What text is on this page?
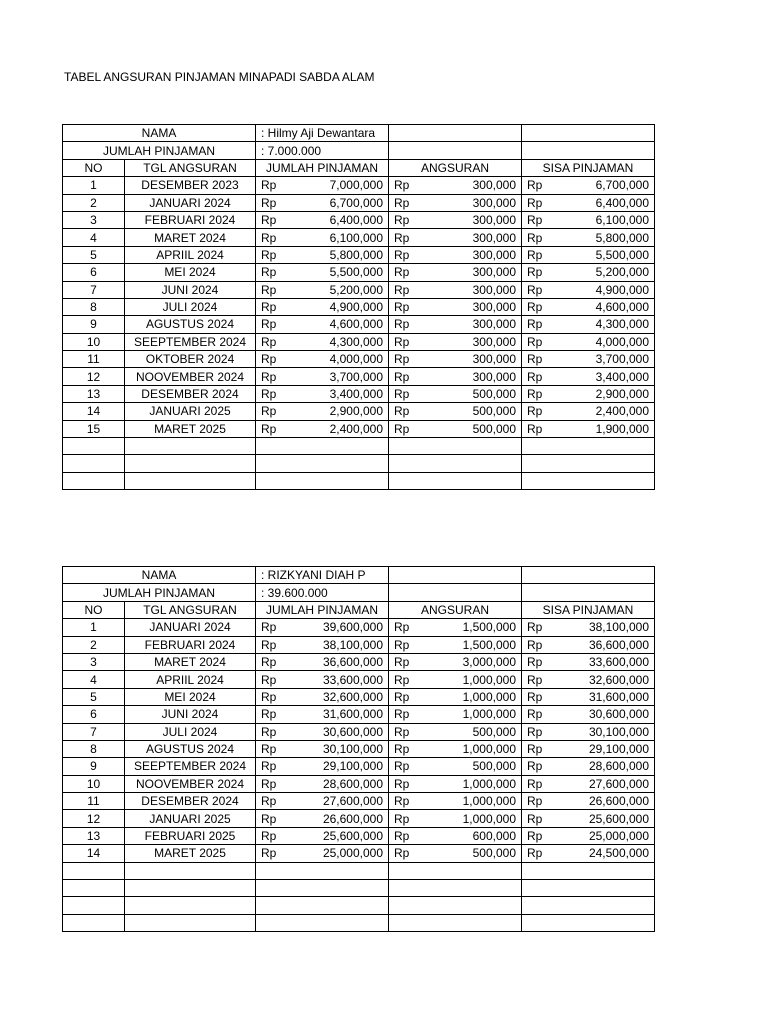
TABEL ANGSURAN PINJAMAN MINAPADI SABDA ALAM
NAMA		: Hilmy Aji Dewantara		
JUMLAH PINJAMAN		: 7.000.000		
NO	TGL ANGSURAN	JUMLAH PINJAMAN	ANGSURAN	SISA PINJAMAN
1	DESEMBER 2023	Rp 7,000,000	Rp 300,000	Rp 6,700,000

2	JANUARI 2024	Rp 6,700,000	Rp 300,000	Rp 6,400,000

3	FEBRUARI 2024	Rp 6,400,000	Rp 300,000	Rp 6,100,000

4	MARET 2024	Rp 6,100,000	Rp 300,000	Rp 5,800,000

5	APRIIL 2024	Rp 5,800,000	Rp 300,000	Rp 5,500,000

6	MEI 2024	Rp 5,500,000	Rp 300,000	Rp 5,200,000

7	JUNI 2024	Rp 5,200,000	Rp 300,000	Rp 4,900,000

8	JULI 2024	Rp 4,900,000	Rp 300,000	Rp 4,600,000

9	AGUSTUS 2024	Rp 4,600,000	Rp 300,000	Rp 4,300,000

10	SEEPTEMBER 2024	Rp 4,300,000	Rp 300,000	Rp 4,000,000

11	OKTOBER 2024	Rp 4,000,000	Rp 300,000	Rp 3,700,000

12	NOOVEMBER 2024	Rp 3,700,000	Rp 300,000	Rp 3,400,000

13	DESEMBER 2024	Rp 3,400,000	Rp 500,000	Rp 2,900,000

14	JANUARI 2025	Rp 2,900,000	Rp 500,000	Rp 2,400,000

15	MARET 2025	Rp 2,400,000	Rp 500,000	Rp 1,900,000

NAMA		: RIZKYANI DIAH P		
JUMLAH PINJAMAN		: 39.600.000		
NO	TGL ANGSURAN	JUMLAH PINJAMAN	ANGSURAN	SISA PINJAMAN
1	JANUARI 2024	Rp 39,600,000	Rp 1,500,000	Rp 38,100,000

2	FEBRUARI 2024	Rp 38,100,000	Rp 1,500,000	Rp 36,600,000

3	MARET 2024	Rp 36,600,000	Rp 3,000,000	Rp 33,600,000

4	APRIIL 2024	Rp 33,600,000	Rp 1,000,000	Rp 32,600,000

5	MEI 2024	Rp 32,600,000	Rp 1,000,000	Rp 31,600,000

6	JUNI 2024	Rp 31,600,000	Rp 1,000,000	Rp 30,600,000

7	JULI 2024	Rp 30,600,000	Rp 500,000	Rp 30,100,000

8	AGUSTUS 2024	Rp 30,100,000	Rp 1,000,000	Rp 29,100,000

9	SEEPTEMBER 2024	Rp 29,100,000	Rp 500,000	Rp 28,600,000

10	NOOVEMBER 2024	Rp 28,600,000	Rp 1,000,000	Rp 27,600,000

11	DESEMBER 2024	Rp 27,600,000	Rp 1,000,000	Rp 26,600,000

12	JANUARI 2025	Rp 26,600,000	Rp 1,000,000	Rp 25,600,000

13	FEBRUARI 2025	Rp 25,600,000	Rp 600,000	Rp 25,000,000

14	MARET 2025	Rp 25,000,000	Rp 500,000	Rp 24,500,000
